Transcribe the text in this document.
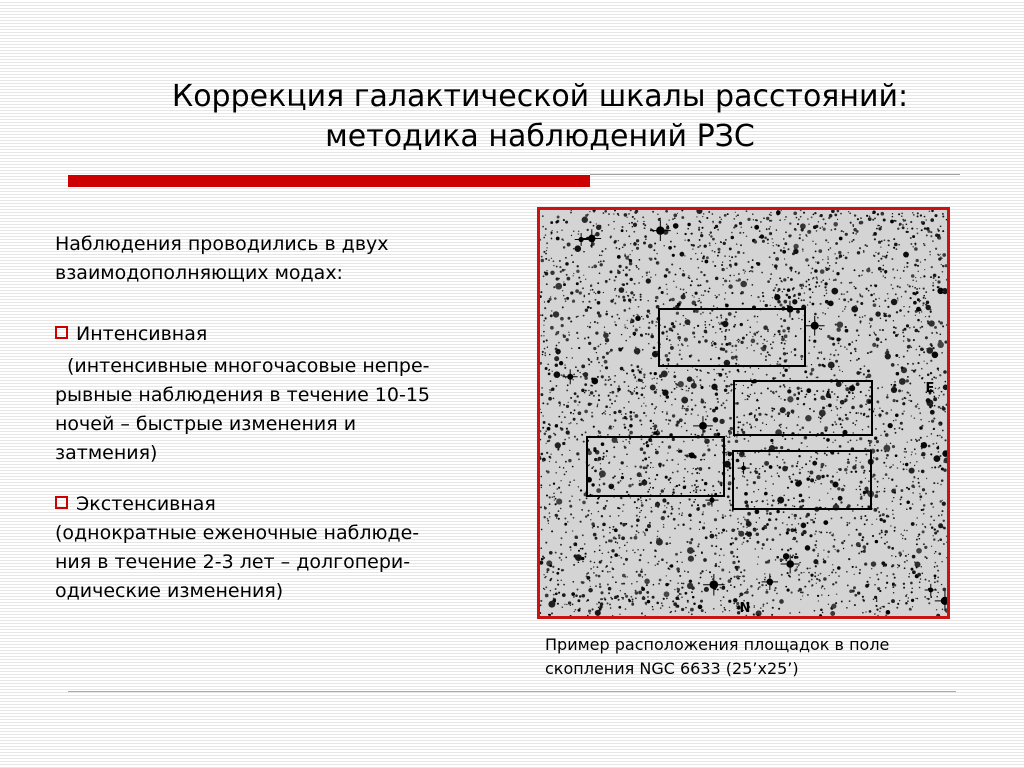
Коррекция галактической шкалы расстояний:
методика наблюдений РЗС
Наблюдения проводились в двух
взаимодополняющих модах:
Интенсивная
(интенсивные многочасовые непре-
рывные наблюдения в течение 10-15
ночей – быстрые изменения и
затмения)
Экстенсивная
(однократные еженочные наблюде-
ния в течение 2-3 лет – долгопери-
одические изменения)
E
N
Пример расположения площадок в поле
скопления NGC 6633 (25’x25’)
